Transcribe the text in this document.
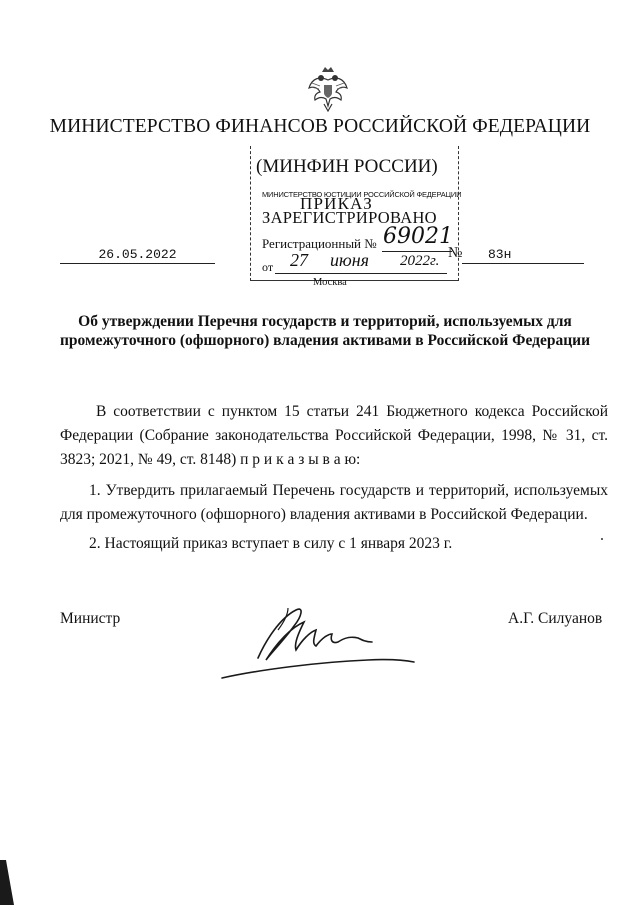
МИНИСТЕРСТВО ФИНАНСОВ РОССИЙСКОЙ ФЕДЕРАЦИИ
(МИНФИН РОССИИ)
МИНИСТЕРСТВО ЮСТИЦИИ РОССИЙСКОЙ ФЕДЕРАЦИИ
ПРИКАЗ
ЗАРЕГИСТРИРОВАНО
Регистрационный № 69021
от 27 июня 2022г.
26.05.2022	№ 83н
Москва
Об утверждении Перечня государств и территорий, используемых для промежуточного (офшорного) владения активами в Российской Федерации
В соответствии с пунктом 15 статьи 241 Бюджетного кодекса Российской Федерации (Собрание законодательства Российской Федерации, 1998, № 31, ст. 3823; 2021, № 49, ст. 8148) п р и к а з ы в а ю:
1. Утвердить прилагаемый Перечень государств и территорий, используемых для промежуточного (офшорного) владения активами в Российской Федерации.
2. Настоящий приказ вступает в силу с 1 января 2023 г.
Министр	А.Г. Силуанов
